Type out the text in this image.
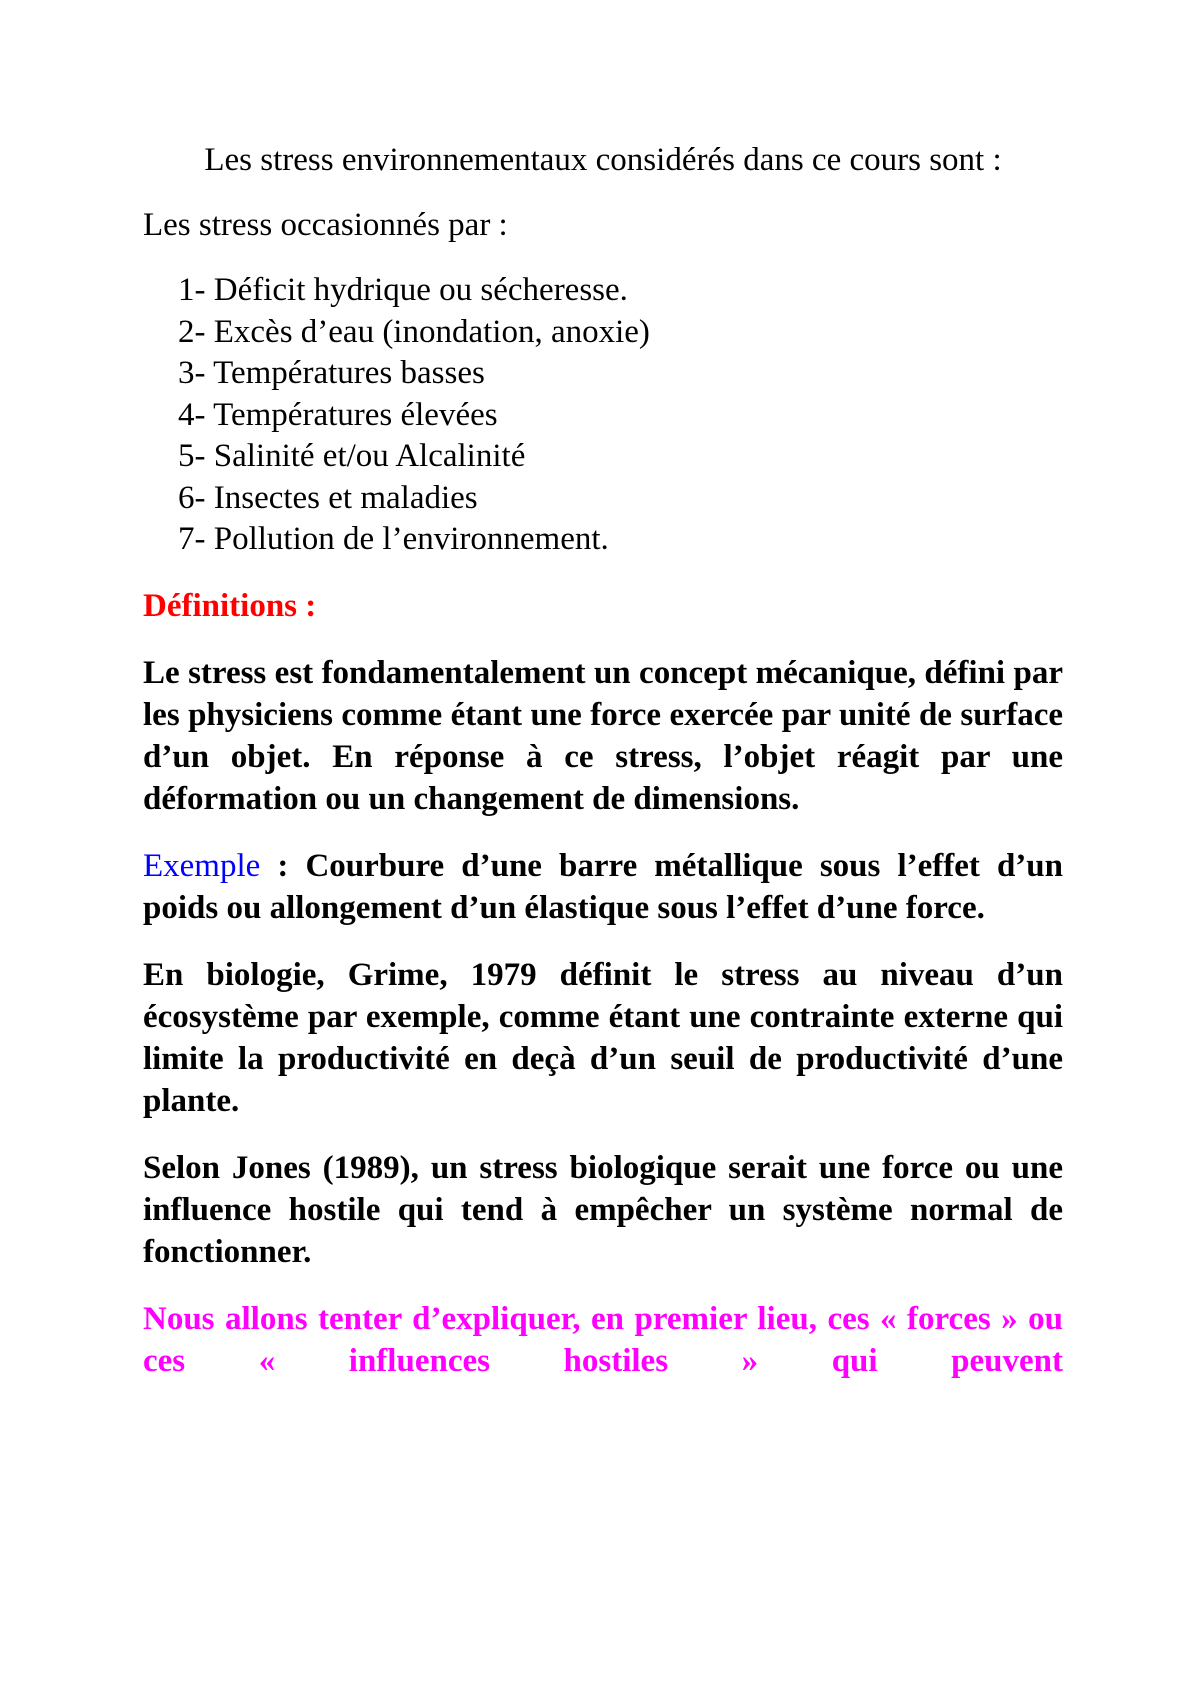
Les stress environnementaux considérés dans ce cours sont :
Les stress occasionnés par :
1- Déficit hydrique ou sécheresse.
2- Excès d’eau (inondation, anoxie)
3- Températures basses
4- Températures élevées
5- Salinité et/ou Alcalinité
6- Insectes et maladies
7- Pollution de l’environnement.
Définitions :

Le stress est fondamentalement un concept mécanique, défini par les physiciens comme étant une force exercée par unité de surface d’un objet. En réponse à ce stress, l’objet réagit par une déformation ou un changement de dimensions.

Exemple : Courbure d’une barre métallique sous l’effet d’un poids ou allongement d’un élastique sous l’effet d’une force.

En biologie, Grime, 1979 définit le stress au niveau d’un écosystème par exemple, comme étant une contrainte externe qui limite la productivité en deçà d’un seuil de productivité d’une plante.

Selon Jones (1989), un stress biologique serait une force ou une influence hostile qui tend à empêcher un système normal de fonctionner.

Nous allons tenter d’expliquer, en premier lieu, ces « forces » ou ces « influences hostiles » qui peuvent
